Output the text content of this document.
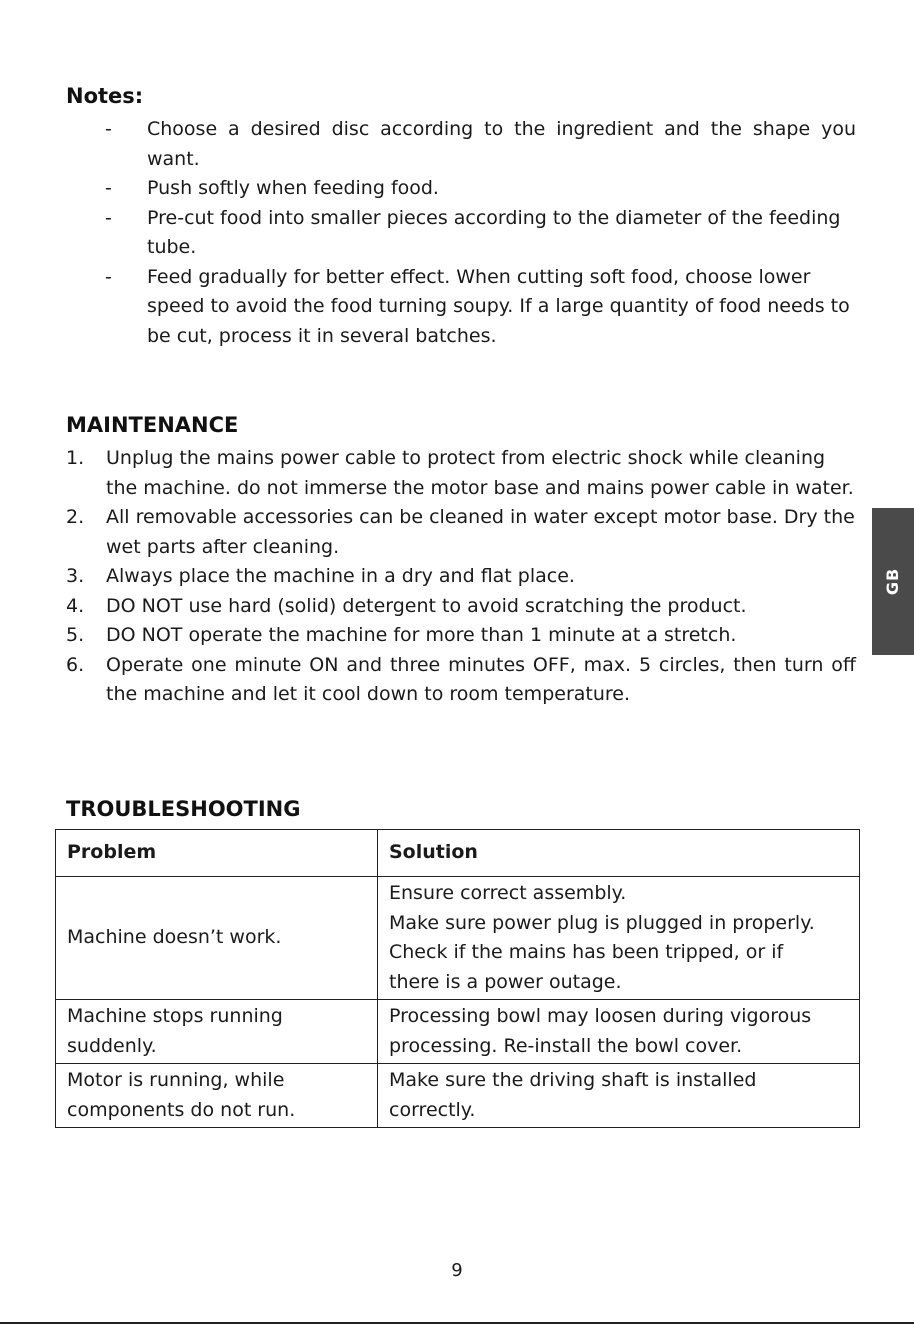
Notes:
- Choose a desired disc according to the ingredient and the shape you want.
- Push softly when feeding food.
- Pre-cut food into smaller pieces according to the diameter of the feeding tube.
- Feed gradually for better effect. When cutting soft food, choose lower speed to avoid the food turning soupy. If a large quantity of food needs to be cut, process it in several batches.
MAINTENANCE
1. Unplug the mains power cable to protect from electric shock while cleaning the machine. do not immerse the motor base and mains power cable in water.
2. All removable accessories can be cleaned in water except motor base. Dry the wet parts after cleaning.
3. Always place the machine in a dry and flat place.
4. DO NOT use hard (solid) detergent to avoid scratching the product.
5. DO NOT operate the machine for more than 1 minute at a stretch.
6. Operate one minute ON and three minutes OFF, max. 5 circles, then turn off the machine and let it cool down to room temperature.
TROUBLESHOOTING
Problem	Solution
Machine doesn’t work.	Ensure correct assembly.
Make sure power plug is plugged in properly.
Check if the mains has been tripped, or if
there is a power outage.

Machine stops running suddenly.	Processing bowl may loosen during vigorous
processing. Re-install the bowl cover.

Motor is running, while components do not run.	Make sure the driving shaft is installed
correctly.
GB
9
